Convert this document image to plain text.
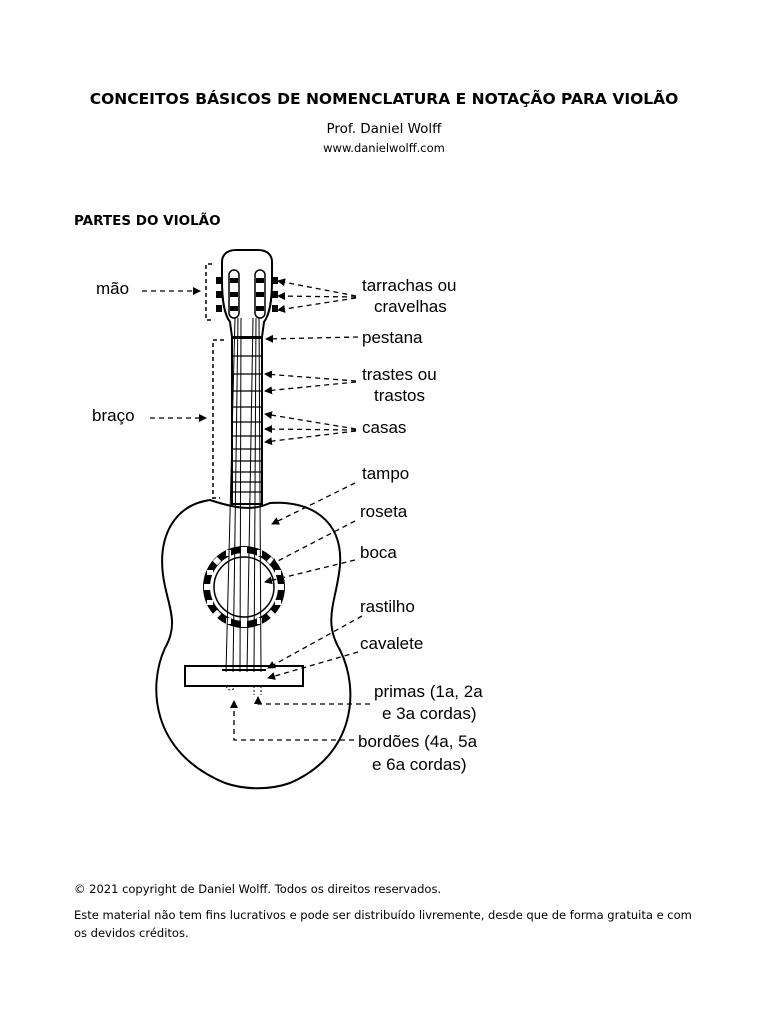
CONCEITOS BÁSICOS DE NOMENCLATURA E NOTAÇÃO PARA VIOLÃO
Prof. Daniel Wolff
www.danielwolff.com
PARTES DO VIOLÃO
mão
braço
tarrachas ou
cravelhas
pestana
trastes ou
trastos
casas
tampo
roseta
boca
rastilho
cavalete
primas (1a, 2a
e 3a cordas)
bordões (4a, 5a
e 6a cordas)
© 2021 copyright de Daniel Wolff. Todos os direitos reservados.
Este material não tem fins lucrativos e pode ser distribuído livremente, desde que de forma gratuita e com os devidos créditos.
